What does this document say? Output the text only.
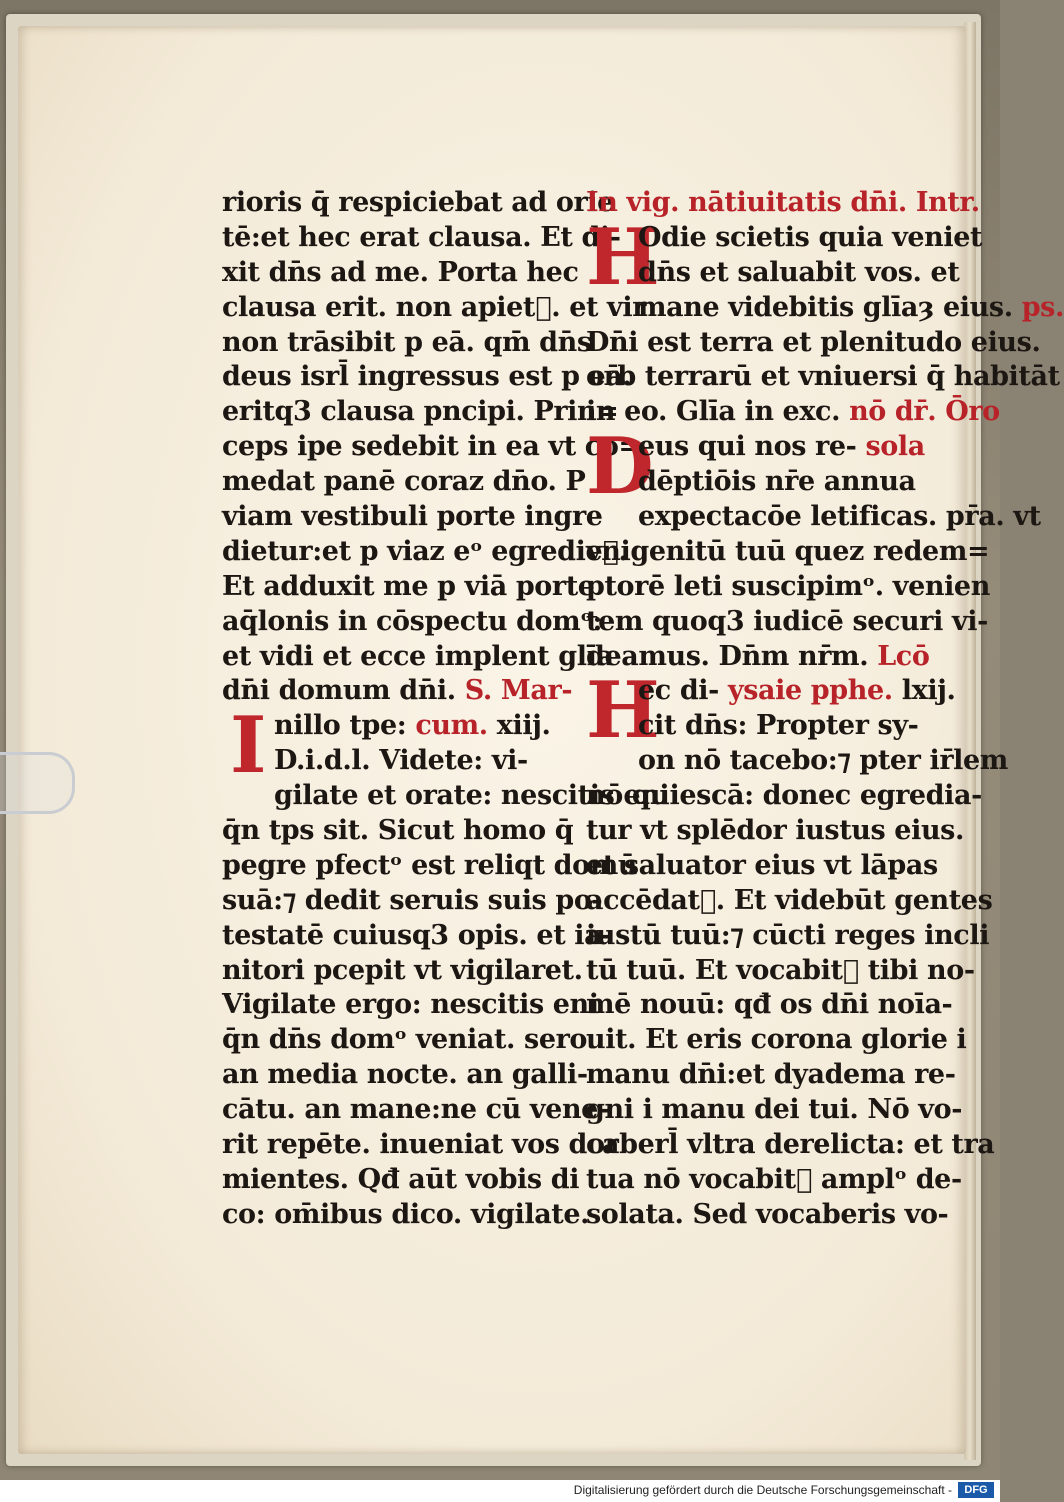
rioris q̄ respiciebat ad orie
tē:et hec erat clausa. Et di-
xit dn̄s ad me. Porta hec
clausa erit. non apiet᷑. et vir
non trāsibit p eā. qm̄ dn̄s
deus isrl̄ ingressus est p eā.
eritq3 clausa pncipi. Prin=
ceps ipe sedebit in ea vt co=
medat panē coraz dn̄o. P
viam vestibuli porte ingre
dietur:et p viaz eᵒ egredie᷑.
Et adduxit me p viā porte
aq̄lonis in cōspectu domᵒ:
et vidi et ecce implent glīa
dn̄i domum dn̄i. S. Mar-
Inillo tpe: cum. xiij.
D.i.d.l. Videte: vi-
gilate et orate: nescitis eni
q̄n tps sit. Sicut homo q̄
pegre pfectᵒ est reliqt domū
suā:⁊ dedit seruis suis po-
testatē cuiusq3 opis. et ia-
nitori pcepit vt vigilaret.
Vigilate ergo: nescitis eni
q̄n dn̄s domᵒ veniat. sero.
an media nocte. an galli-
cātu. an mane:ne cū vene-
rit repēte. inueniat vos dor
mientes. Qđ aūt vobis di
co: om̄ibus dico. vigilate.
In vig. nātiuitatis dn̄i. Intr.
H
Odie scietis quia veniet
dn̄s et saluabit vos. et
mane videbitis glīaȝ eius. ps.
Dn̄i est terra et plenitudo eius.
orb terrarū et vniuersi q̄ habitāt
in eo. Glīa in exc. nō dr̄. Ōro
D
eus qui nos re- sola
dēptiōis nr̄e annua
expectacōe letificas. pr̄a. vt
vnigenitū tuū quez redem=
ptorē leti suscipimᵒ. venien
tem quoq3 iudicē securi vi-
deamus. Dn̄m nr̄m. Lcō
H
ec di- ysaie pphe. lxij.
cit dn̄s: Propter sy-
on nō tacebo:⁊ pter ir̄lem
nō quiescā: donec egredia-
tur vt splēdor iustus eius.
et saluator eius vt lāpas
accēdat᷑. Et videbūt gentes
iustū tuū:⁊ cūcti reges incli
tū tuū. Et vocabit᷑ tibi no-
mē nouū: qđ os dn̄i noīa-
uit. Et eris corona glorie i
manu dn̄i:et dyadema re-
gni i manu dei tui. Nō vo-
caberl̄ vltra derelicta: et tra
tua nō vocabit᷑ amplᵒ de-
solata. Sed vocaberis vo-
Digitalisierung gefördert durch die Deutsche Forschungsgemeinschaft -	DFG
